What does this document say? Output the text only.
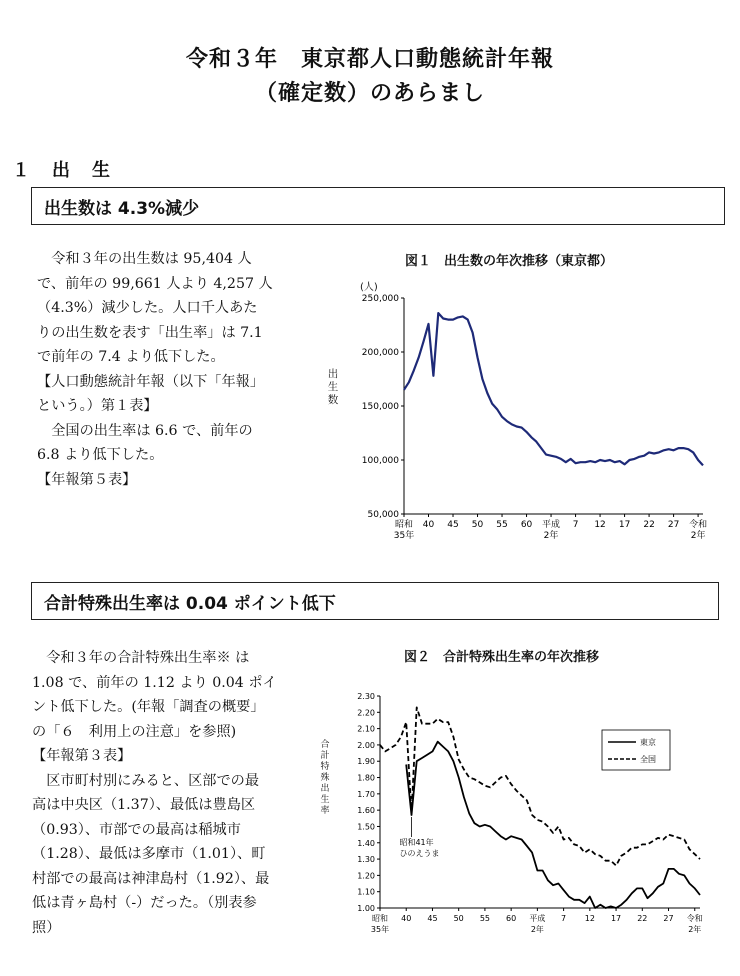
令和３年　東京都人口動態統計年報
（確定数）のあらまし
１　出　生
出生数は 4.3%減少
　令和３年の出生数は 95,404 人
で、前年の 99,661 人より 4,257 人
（4.3%）減少した。人口千人あた
りの出生数を表す「出生率」は 7.1
で前年の 7.4 より低下した。
【人口動態統計年報（以下「年報」
という。）第１表】
　全国の出生率は 6.6 で、前年の
6.8 より低下した。
【年報第５表】
図１　出生数の年次推移（東京都）
(人)
出
生
数
250,000
200,000
150,000
100,000
50,000
昭和
35年
40 45 50 55 60 平成
2年
7 12 17 22 27 令和
2年
合計特殊出生率は 0.04 ポイント低下
　令和３年の合計特殊出生率※ は
1.08 で、前年の 1.12 より 0.04 ポイ
ント低下した。(年報「調査の概要」
の「６　利用上の注意」を参照)
【年報第３表】
　区市町村別にみると、区部での最
高は中央区（1.37）、最低は豊島区
（0.93）、市部での最高は稲城市
（1.28）、最低は多摩市（1.01）、町
村部での最高は神津島村（1.92）、最
低は青ヶ島村（-）だった。（別表参
照）
図２　合計特殊出生率の年次推移
合
計
特
殊
出
生
率
2.30
2.20
2.10
2.00
1.90
1.80
1.70
1.60
1.50
1.40
1.30
1.20
1.10
1.00
昭和
35年
40 45 50 55 60 平成
2年
7 12 17 22 27 令和
2年
東京
全国
昭和41年
ひのえうま
